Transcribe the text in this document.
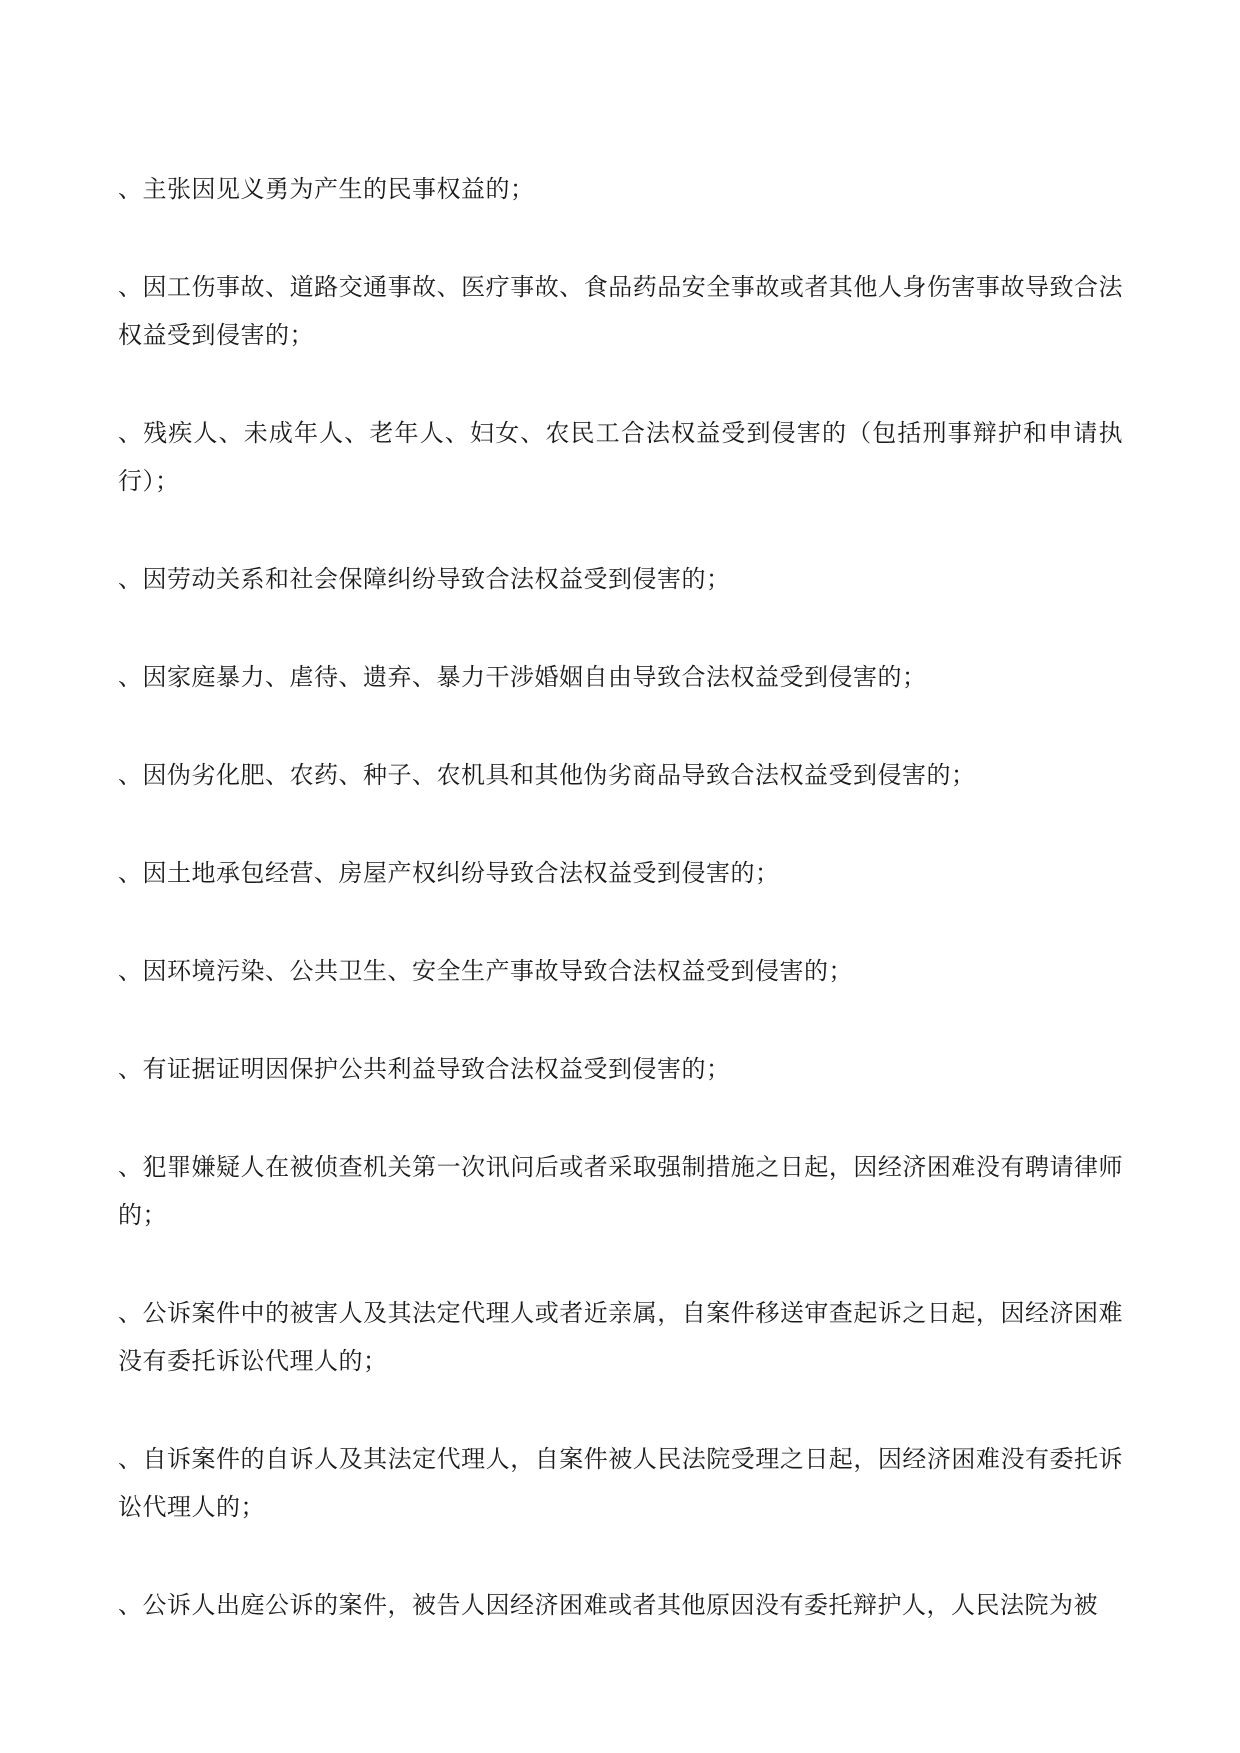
、主张因见义勇为产生的民事权益的；

、因工伤事故、道路交通事故、医疗事故、食品药品安全事故或者其他人身伤害事故导致合法权益受到侵害的；

、残疾人、未成年人、老年人、妇女、农民工合法权益受到侵害的（包括刑事辩护和申请执行）；

、因劳动关系和社会保障纠纷导致合法权益受到侵害的；

、因家庭暴力、虐待、遗弃、暴力干涉婚姻自由导致合法权益受到侵害的；

、因伪劣化肥、农药、种子、农机具和其他伪劣商品导致合法权益受到侵害的；

、因土地承包经营、房屋产权纠纷导致合法权益受到侵害的；

、因环境污染、公共卫生、安全生产事故导致合法权益受到侵害的；

、有证据证明因保护公共利益导致合法权益受到侵害的；

、犯罪嫌疑人在被侦查机关第一次讯问后或者采取强制措施之日起，因经济困难没有聘请律师的；

、公诉案件中的被害人及其法定代理人或者近亲属，自案件移送审查起诉之日起，因经济困难没有委托诉讼代理人的；

、自诉案件的自诉人及其法定代理人，自案件被人民法院受理之日起，因经济困难没有委托诉讼代理人的；

、公诉人出庭公诉的案件，被告人因经济困难或者其他原因没有委托辩护人，人民法院为被
